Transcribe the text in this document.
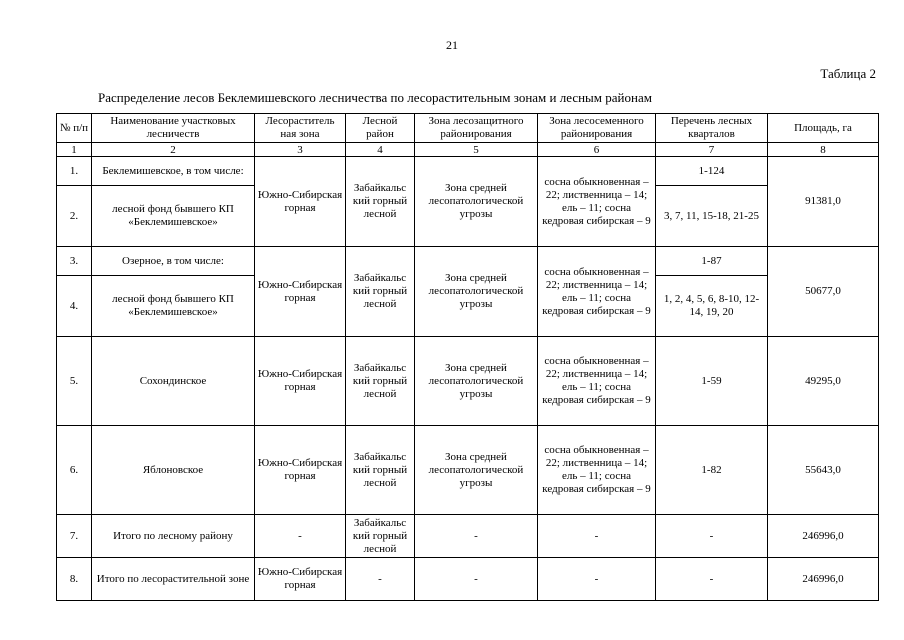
21
Таблица 2
Распределение лесов Беклемишевского лесничества по лесорастительным зонам и лесным районам
№ п/п	Наименование участковых лесничеств	Лесораститель ная зона	Лесной район	Зона лесозащитного районирования	Зона лесосеменного районирования	Перечень лесных кварталов	Площадь, га
1	2	3	4	5	6	7	8
1.	Беклемишевское, в том числе:	Южно-Сибирская горная	Забайкальс кий горный лесной	Зона средней лесопатологической угрозы	сосна обыкновенная – 22; лиственница – 14; ель – 11; сосна кедровая сибирская – 9	1-124	91381,0
2.	лесной фонд бывшего КП «Беклемишевское»					3, 7, 11, 15-18, 21-25	
3.	Озерное, в том числе:	Южно-Сибирская горная	Забайкальс кий горный лесной	Зона средней лесопатологической угрозы	сосна обыкновенная – 22; лиственница – 14; ель – 11; сосна кедровая сибирская – 9	1-87	50677,0
4.	лесной фонд бывшего КП «Беклемишевское»					1, 2, 4, 5, 6, 8-10, 12-14, 19, 20	
5.	Сохондинское	Южно-Сибирская горная	Забайкальс кий горный лесной	Зона средней лесопатологической угрозы	сосна обыкновенная – 22; лиственница – 14; ель – 11; сосна кедровая сибирская – 9	1-59	49295,0
6.	Яблоновское	Южно-Сибирская горная	Забайкальс кий горный лесной	Зона средней лесопатологической угрозы	сосна обыкновенная – 22; лиственница – 14; ель – 11; сосна кедровая сибирская – 9	1-82	55643,0
7.	Итого по лесному району	-	Забайкальс кий горный лесной	-	-	-	246996,0
8.	Итого по лесорастительной зоне	Южно-Сибирская горная	-	-	-	-	246996,0
